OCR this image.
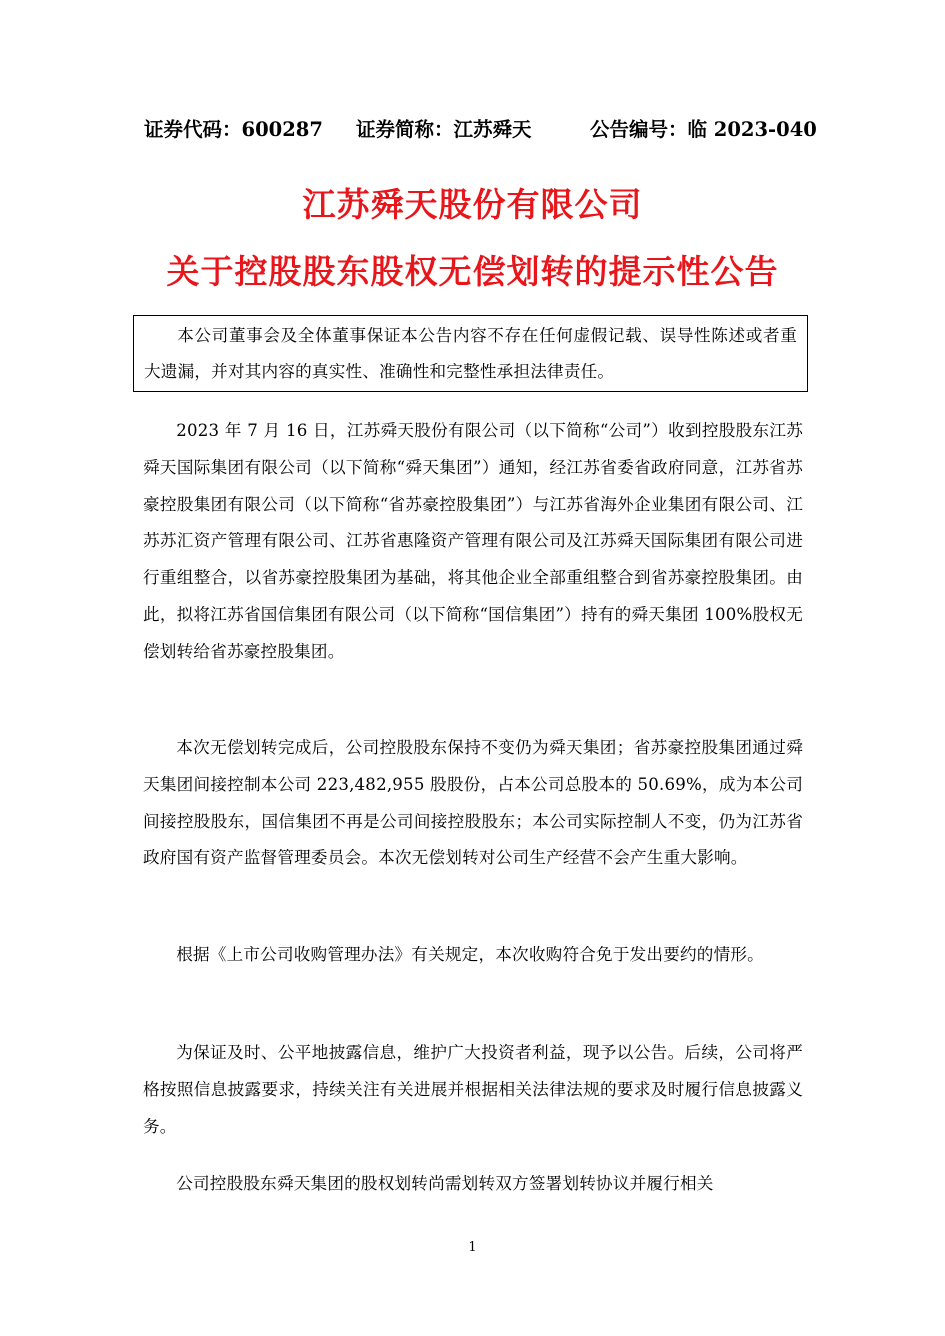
证券代码：600287 证券简称：江苏舜天	公告编号：临 2023-040
江苏舜天股份有限公司
关于控股股东股权无偿划转的提示性公告
本公司董事会及全体董事保证本公告内容不存在任何虚假记载、误导性陈述或者重大遗漏，并对其内容的真实性、准确性和完整性承担法律责任。

2023 年 7 月 16 日，江苏舜天股份有限公司（以下简称“公司”）收到控股股东江苏舜天国际集团有限公司（以下简称“舜天集团”）通知，经江苏省委省政府同意，江苏省苏豪控股集团有限公司（以下简称“省苏豪控股集团”）与江苏省海外企业集团有限公司、江苏苏汇资产管理有限公司、江苏省惠隆资产管理有限公司及江苏舜天国际集团有限公司进行重组整合，以省苏豪控股集团为基础，将其他企业全部重组整合到省苏豪控股集团。由此，拟将江苏省国信集团有限公司（以下简称“国信集团”）持有的舜天集团 100%股权无偿划转给省苏豪控股集团。

本次无偿划转完成后，公司控股股东保持不变仍为舜天集团；省苏豪控股集团通过舜天集团间接控制本公司 223,482,955 股股份，占本公司总股本的 50.69%，成为本公司间接控股股东，国信集团不再是公司间接控股股东；本公司实际控制人不变，仍为江苏省政府国有资产监督管理委员会。本次无偿划转对公司生产经营不会产生重大影响。

根据《上市公司收购管理办法》有关规定，本次收购符合免于发出要约的情形。

为保证及时、公平地披露信息，维护广大投资者利益，现予以公告。后续，公司将严格按照信息披露要求，持续关注有关进展并根据相关法律法规的要求及时履行信息披露义务。

公司控股股东舜天集团的股权划转尚需划转双方签署划转协议并履行相关

1
